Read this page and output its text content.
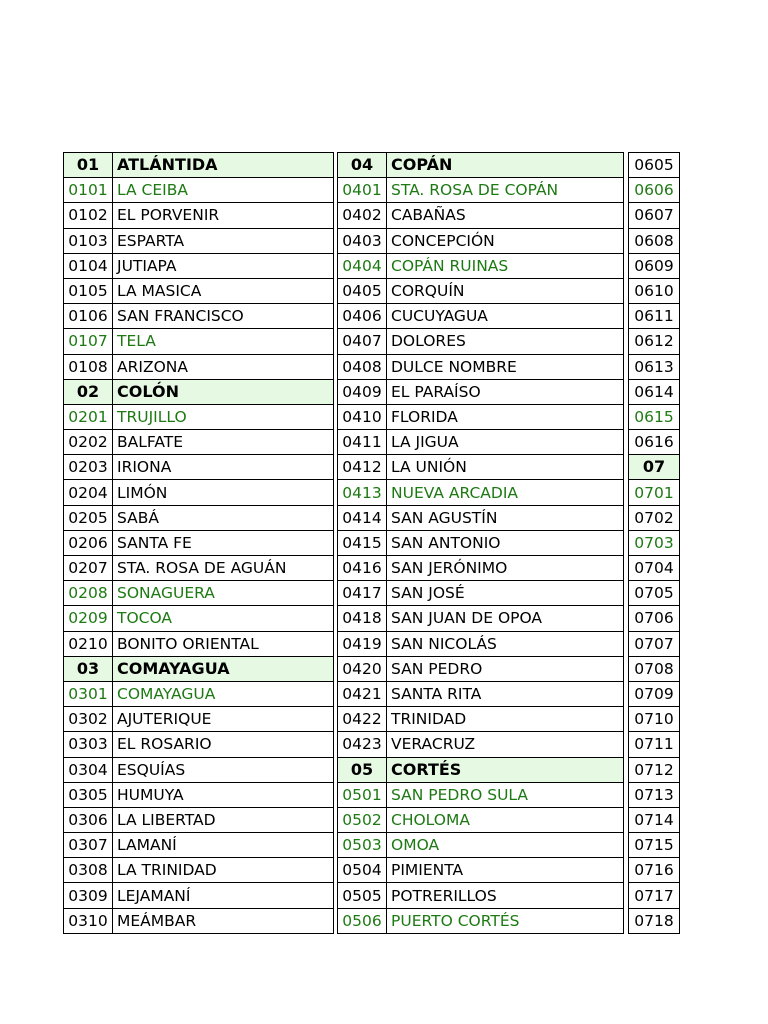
01	ATLÁNTIDA
0101	LA CEIBA
0102	EL PORVENIR
0103	ESPARTA
0104	JUTIAPA
0105	LA MASICA
0106	SAN FRANCISCO
0107	TELA
0108	ARIZONA
02	COLÓN
0201	TRUJILLO
0202	BALFATE
0203	IRIONA
0204	LIMÓN
0205	SABÁ
0206	SANTA FE
0207	STA. ROSA DE AGUÁN
0208	SONAGUERA
0209	TOCOA
0210	BONITO ORIENTAL
03	COMAYAGUA
0301	COMAYAGUA
0302	AJUTERIQUE
0303	EL ROSARIO
0304	ESQUÍAS
0305	HUMUYA
0306	LA LIBERTAD
0307	LAMANÍ
0308	LA TRINIDAD
0309	LEJAMANÍ
0310	MEÁMBAR
04	COPÁN
0401	STA. ROSA DE COPÁN
0402	CABAÑAS
0403	CONCEPCIÓN
0404	COPÁN RUINAS
0405	CORQUÍN
0406	CUCUYAGUA
0407	DOLORES
0408	DULCE NOMBRE
0409	EL PARAÍSO
0410	FLORIDA
0411	LA JIGUA
0412	LA UNIÓN
0413	NUEVA ARCADIA
0414	SAN AGUSTÍN
0415	SAN ANTONIO
0416	SAN JERÓNIMO
0417	SAN JOSÉ
0418	SAN JUAN DE OPOA
0419	SAN NICOLÁS
0420	SAN PEDRO
0421	SANTA RITA
0422	TRINIDAD
0423	VERACRUZ
05	CORTÉS
0501	SAN PEDRO SULA
0502	CHOLOMA
0503	OMOA
0504	PIMIENTA
0505	POTRERILLOS
0506	PUERTO CORTÉS
0605
0606
0607
0608
0609
0610
0611
0612
0613
0614
0615
0616
07
0701
0702
0703
0704
0705
0706
0707
0708
0709
0710
0711
0712
0713
0714
0715
0716
0717
0718
